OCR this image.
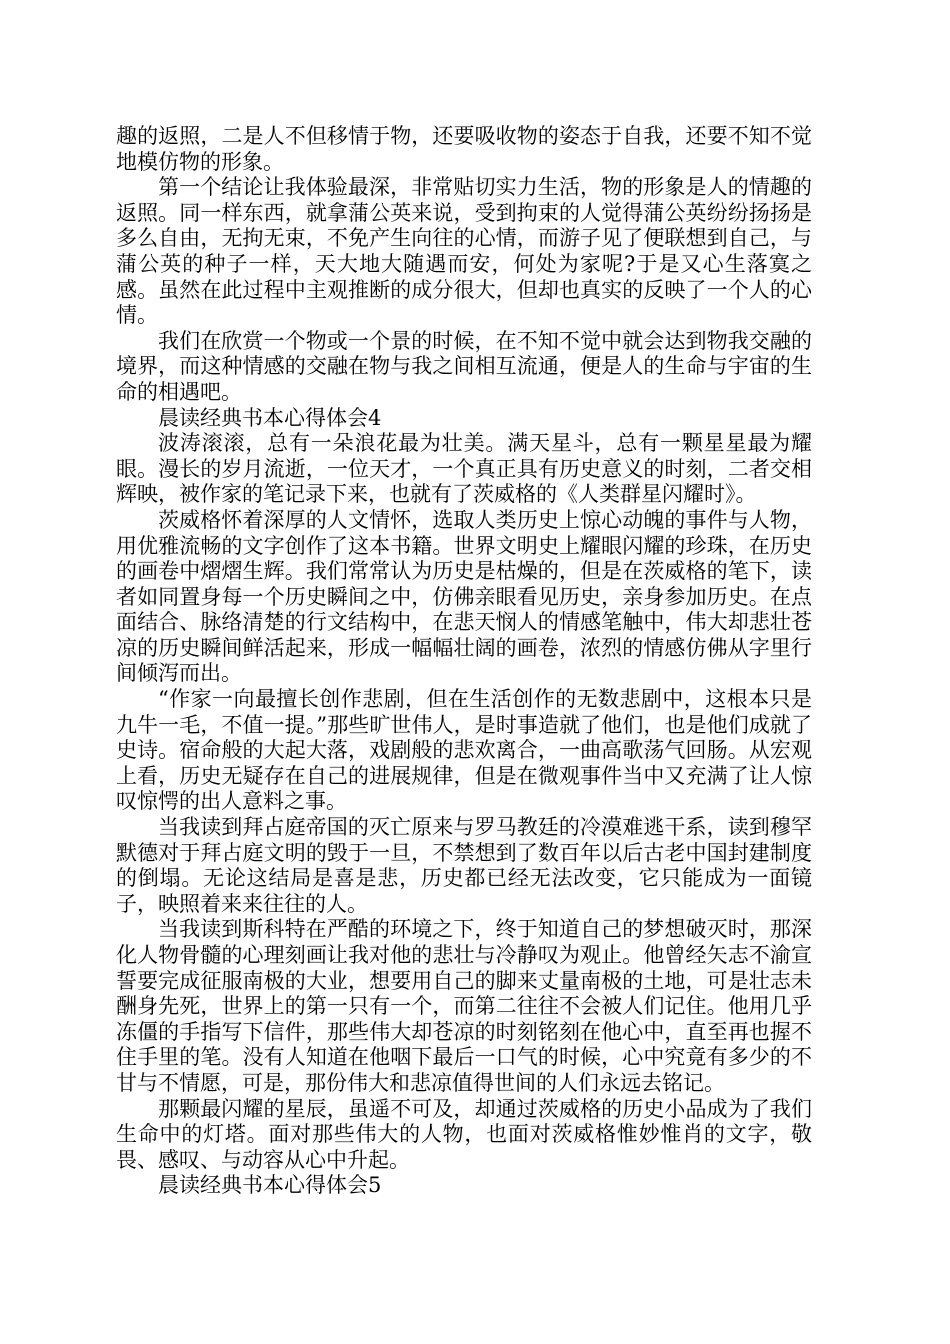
趣的返照，二是人不但移情于物，还要吸收物的姿态于自我，还要不知不觉地模仿物的形象。

第一个结论让我体验最深，非常贴切实力生活，物的形象是人的情趣的返照。同一样东西，就拿蒲公英来说，受到拘束的人觉得蒲公英纷纷扬扬是多么自由，无拘无束，不免产生向往的心情，而游子见了便联想到自己，与蒲公英的种子一样，天大地大随遇而安，何处为家呢?于是又心生落寞之感。虽然在此过程中主观推断的成分很大，但却也真实的反映了一个人的心情。

我们在欣赏一个物或一个景的时候，在不知不觉中就会达到物我交融的境界，而这种情感的交融在物与我之间相互流通，便是人的生命与宇宙的生命的相遇吧。

晨读经典书本心得体会4

波涛滚滚，总有一朵浪花最为壮美。满天星斗，总有一颗星星最为耀眼。漫长的岁月流逝，一位天才，一个真正具有历史意义的时刻，二者交相辉映，被作家的笔记录下来，也就有了茨威格的《人类群星闪耀时》。

茨威格怀着深厚的人文情怀，选取人类历史上惊心动魄的事件与人物，用优雅流畅的文字创作了这本书籍。世界文明史上耀眼闪耀的珍珠，在历史的画卷中熠熠生辉。我们常常认为历史是枯燥的，但是在茨威格的笔下，读者如同置身每一个历史瞬间之中，仿佛亲眼看见历史，亲身参加历史。在点面结合、脉络清楚的行文结构中，在悲天悯人的情感笔触中，伟大却悲壮苍凉的历史瞬间鲜活起来，形成一幅幅壮阔的画卷，浓烈的情感仿佛从字里行间倾泻而出。

“作家一向最擅长创作悲剧，但在生活创作的无数悲剧中，这根本只是九牛一毛，不值一提。”那些旷世伟人，是时事造就了他们，也是他们成就了史诗。宿命般的大起大落，戏剧般的悲欢离合，一曲高歌荡气回肠。从宏观上看，历史无疑存在自己的进展规律，但是在微观事件当中又充满了让人惊叹惊愕的出人意料之事。

当我读到拜占庭帝国的灭亡原来与罗马教廷的冷漠难逃干系，读到穆罕默德对于拜占庭文明的毁于一旦，不禁想到了数百年以后古老中国封建制度的倒塌。无论这结局是喜是悲，历史都已经无法改变，它只能成为一面镜子，映照着来来往往的人。

当我读到斯科特在严酷的环境之下，终于知道自己的梦想破灭时，那深化人物骨髓的心理刻画让我对他的悲壮与冷静叹为观止。他曾经矢志不渝宣誓要完成征服南极的大业，想要用自己的脚来丈量南极的土地，可是壮志未酬身先死，世界上的第一只有一个，而第二往往不会被人们记住。他用几乎冻僵的手指写下信件，那些伟大却苍凉的时刻铭刻在他心中，直至再也握不住手里的笔。没有人知道在他咽下最后一口气的时候，心中究竟有多少的不甘与不情愿，可是，那份伟大和悲凉值得世间的人们永远去铭记。

那颗最闪耀的星辰，虽遥不可及，却通过茨威格的历史小品成为了我们生命中的灯塔。面对那些伟大的人物，也面对茨威格惟妙惟肖的文字，敬畏、感叹、与动容从心中升起。

晨读经典书本心得体会5
